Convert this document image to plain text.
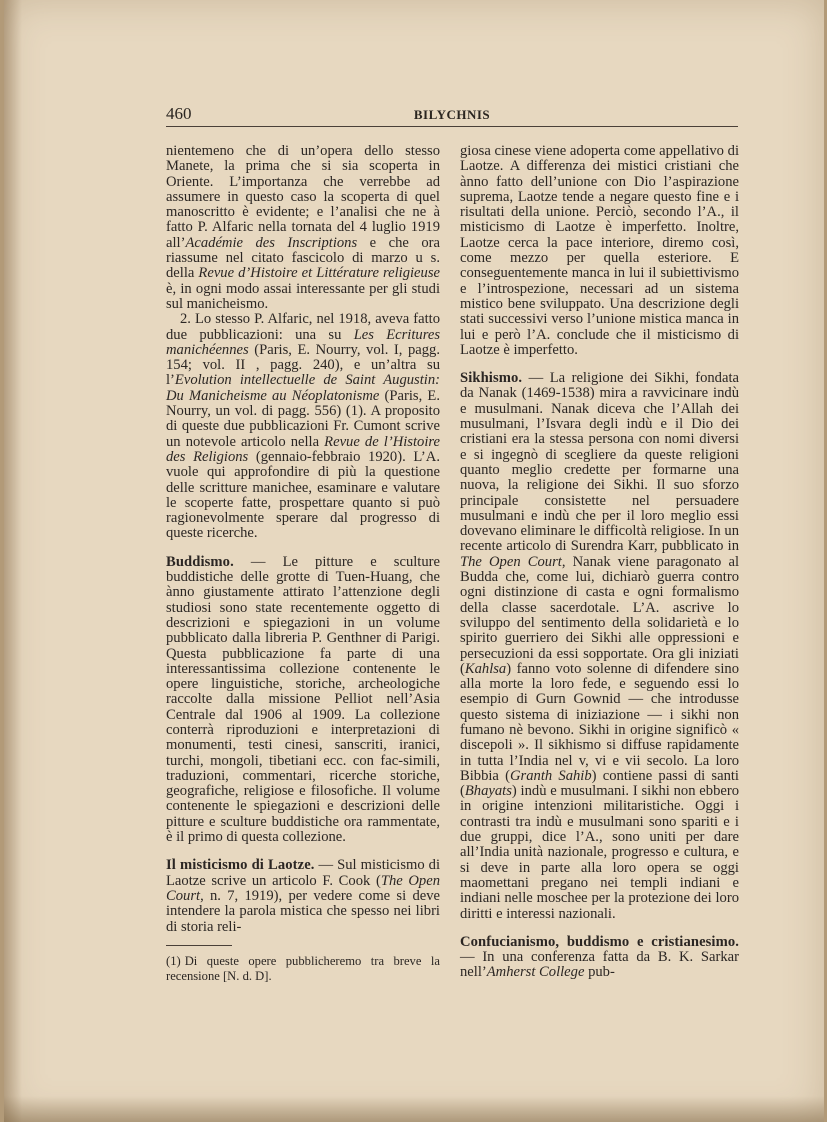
460	BILYCHNIS

nientemeno che di un’opera dello stesso Manete, la prima che si sia scoperta in Oriente. L’importanza che verrebbe ad assumere in questo caso la scoperta di quel manoscritto è evidente; e l’analisi che ne à fatto P. Alfaric nella tornata del 4 luglio 1919 all’Académie des Inscriptions e che ora riassume nel citato fascicolo di marzo u s. della Revue d’Histoire et Littérature religieuse è, in ogni modo assai interessante per gli studi sul manicheismo.

2. Lo stesso P. Alfaric, nel 1918, aveva fatto due pubblicazioni: una su Les Ecritures manichéennes (Paris, E. Nourry, vol. I, pagg. 154; vol. II , pagg. 240), e un’altra su l’Evolution intellectuelle de Saint Augustin: Du Manicheisme au Néoplatonisme (Paris, E. Nourry, un vol. di pagg. 556) (1). A proposito di queste due pubblicazioni Fr. Cumont scrive un notevole articolo nella Revue de l’Histoire des Religions (gennaio-febbraio 1920). L’A. vuole qui approfondire di più la questione delle scritture manichee, esaminare e valutare le scoperte fatte, prospettare quanto si può ragionevolmente sperare dal progresso di queste ricerche.

Buddismo. — Le pitture e sculture buddistiche delle grotte di Tuen-Huang, che ànno giustamente attirato l’attenzione degli studiosi sono state recentemente oggetto di descrizioni e spiegazioni in un volume pubblicato dalla libreria P. Genthner di Parigi. Questa pubblicazione fa parte di una interessantissima collezione contenente le opere linguistiche, storiche, archeologiche raccolte dalla missione Pelliot nell’Asia Centrale dal 1906 al 1909. La collezione conterrà riproduzioni e interpretazioni di monumenti, testi cinesi, sanscriti, iranici, turchi, mongoli, tibetiani ecc. con fac-simili, traduzioni, commentari, ricerche storiche, geografiche, religiose e filosofiche. Il volume contenente le spiegazioni e descrizioni delle pitture e sculture buddistiche ora rammentate, è il primo di questa collezione.

Il misticismo di Laotze. — Sul misticismo di Laotze scrive un articolo F. Cook (The Open Court, n. 7, 1919), per vedere come si deve intendere la parola mistica che spesso nei libri di storia reli-

(1) Di queste opere pubblicheremo tra breve la recensione [N. d. D].

giosa cinese viene adoperta come appellativo di Laotze. A differenza dei mistici cristiani che ànno fatto dell’unione con Dio l’aspirazione suprema, Laotze tende a negare questo fine e i risultati della unione. Perciò, secondo l’A., il misticismo di Laotze è imperfetto. Inoltre, Laotze cerca la pace interiore, diremo così, come mezzo per quella esteriore. E conseguentemente manca in lui il subiettivismo e l’introspezione, necessari ad un sistema mistico bene sviluppato. Una descrizione degli stati successivi verso l’unione mistica manca in lui e però l’A. conclude che il misticismo di Laotze è imperfetto.

Sikhismo. — La religione dei Sikhi, fondata da Nanak (1469-1538) mira a ravvicinare indù e musulmani. Nanak diceva che l’Allah dei musulmani, l’Isvara degli indù e il Dio dei cristiani era la stessa persona con nomi diversi e si ingegnò di scegliere da queste religioni quanto meglio credette per formarne una nuova, la religione dei Sikhi. Il suo sforzo principale consistette nel persuadere musulmani e indù che per il loro meglio essi dovevano eliminare le difficoltà religiose. In un recente articolo di Surendra Karr, pubblicato in The Open Court, Nanak viene paragonato al Budda che, come lui, dichiarò guerra contro ogni distinzione di casta e ogni formalismo della classe sacerdotale. L’A. ascrive lo sviluppo del sentimento della solidarietà e lo spirito guerriero dei Sikhi alle oppressioni e persecuzioni da essi sopportate. Ora gli iniziati (Kahlsa) fanno voto solenne di difendere sino alla morte la loro fede, e seguendo essi lo esempio di Gurn Gownid — che introdusse questo sistema di iniziazione — i sikhi non fumano nè bevono. Sikhi in origine significò « discepoli ». Il sikhismo si diffuse rapidamente in tutta l’India nel v, vi e vii secolo. La loro Bibbia (Granth Sahib) contiene passi di santi (Bhayats) indù e musulmani. I sikhi non ebbero in origine intenzioni militaristiche. Oggi i contrasti tra indù e musulmani sono spariti e i due gruppi, dice l’A., sono uniti per dare all’India unità nazionale, progresso e cultura, e si deve in parte alla loro opera se oggi maomettani pregano nei templi indiani e indiani nelle moschee per la protezione dei loro diritti e interessi nazionali.

Confucianismo, buddismo e cristianesimo. — In una conferenza fatta da B. K. Sarkar nell’Amherst College pub-
